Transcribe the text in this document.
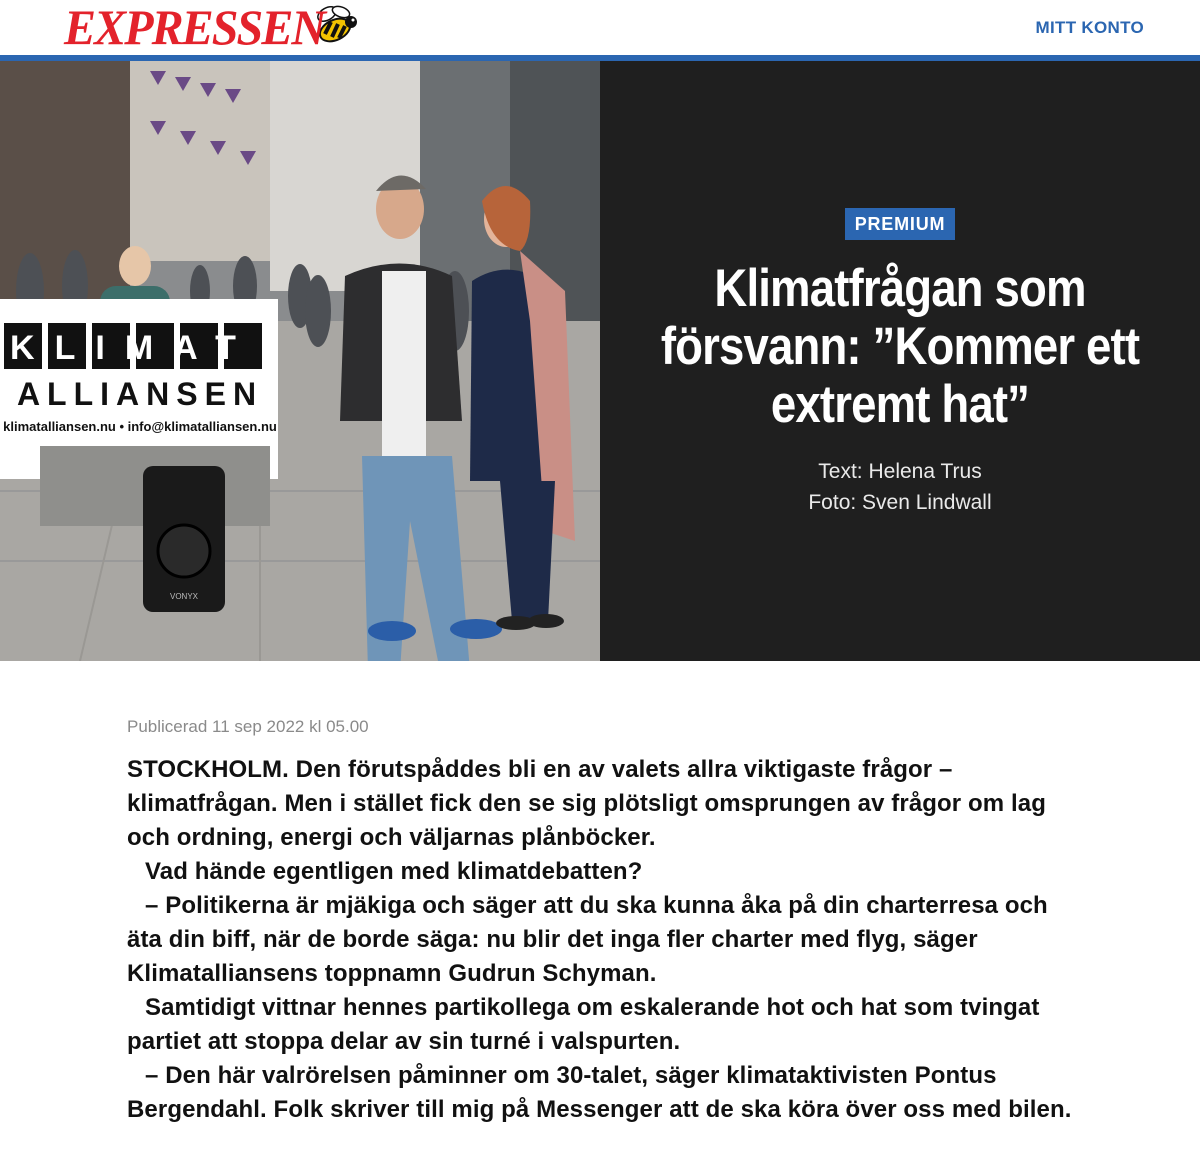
EXPRESSEN	MITT KONTO
KLIMAT
ALLIANSEN
klimatalliansen.nu • info@klimatalliansen.nu
VONYX
PREMIUM
Klimatfrågan som försvann: ”Kommer ett extremt hat”
Text: Helena Trus
Foto: Sven Lindwall
Publicerad 11 sep 2022 kl 05.00

STOCKHOLM. Den förutspåddes bli en av valets allra viktigaste frågor – klimatfrågan. Men i stället fick den se sig plötsligt omsprungen av frågor om lag och ordning, energi och väljarnas plånböcker.

Vad hände egentligen med klimatdebatten?

– Politikerna är mjäkiga och säger att du ska kunna åka på din charterresa och äta din biff, när de borde säga: nu blir det inga fler charter med flyg, säger Klimatalliansens toppnamn Gudrun Schyman.

Samtidigt vittnar hennes partikollega om eskalerande hot och hat som tvingat partiet att stoppa delar av sin turné i valspurten.

– Den här valrörelsen påminner om 30-talet, säger klimataktivisten Pontus Bergendahl. Folk skriver till mig på Messenger att de ska köra över oss med bilen.
